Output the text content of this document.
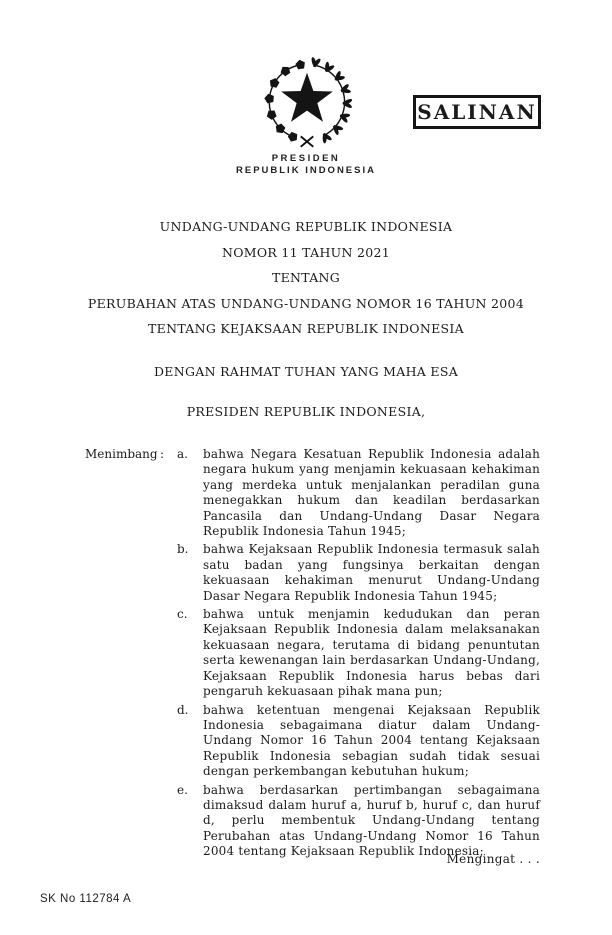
SALINAN
PRESIDEN
REPUBLIK INDONESIA
UNDANG-UNDANG REPUBLIK INDONESIA
NOMOR 11 TAHUN 2021
TENTANG
PERUBAHAN ATAS UNDANG-UNDANG NOMOR 16 TAHUN 2004
TENTANG KEJAKSAAN REPUBLIK INDONESIA
DENGAN RAHMAT TUHAN YANG MAHA ESA
PRESIDEN REPUBLIK INDONESIA,
Menimbang :	a.	bahwa Negara Kesatuan Republik Indonesia adalah negara hukum yang menjamin kekuasaan kehakiman yang merdeka untuk menjalankan peradilan guna menegakkan hukum dan keadilan berdasarkan Pancasila dan Undang-Undang Dasar Negara Republik Indonesia Tahun 1945;

b.	bahwa Kejaksaan Republik Indonesia termasuk salah satu badan yang fungsinya berkaitan dengan kekuasaan kehakiman menurut Undang-Undang Dasar Negara Republik Indonesia Tahun 1945;

c.	bahwa untuk menjamin kedudukan dan peran Kejaksaan Republik Indonesia dalam melaksanakan kekuasaan negara, terutama di bidang penuntutan serta kewenangan lain berdasarkan Undang-Undang, Kejaksaan Republik Indonesia harus bebas dari pengaruh kekuasaan pihak mana pun;

d.	bahwa ketentuan mengenai Kejaksaan Republik Indonesia sebagaimana diatur dalam Undang-Undang Nomor 16 Tahun 2004 tentang Kejaksaan Republik Indonesia sebagian sudah tidak sesuai dengan perkembangan kebutuhan hukum;

e.	bahwa berdasarkan pertimbangan sebagaimana dimaksud dalam huruf a, huruf b, huruf c, dan huruf d, perlu membentuk Undang-Undang tentang Perubahan atas Undang-Undang Nomor 16 Tahun 2004 tentang Kejaksaan Republik Indonesia;

Mengingat . . .
SK No 112784 A
